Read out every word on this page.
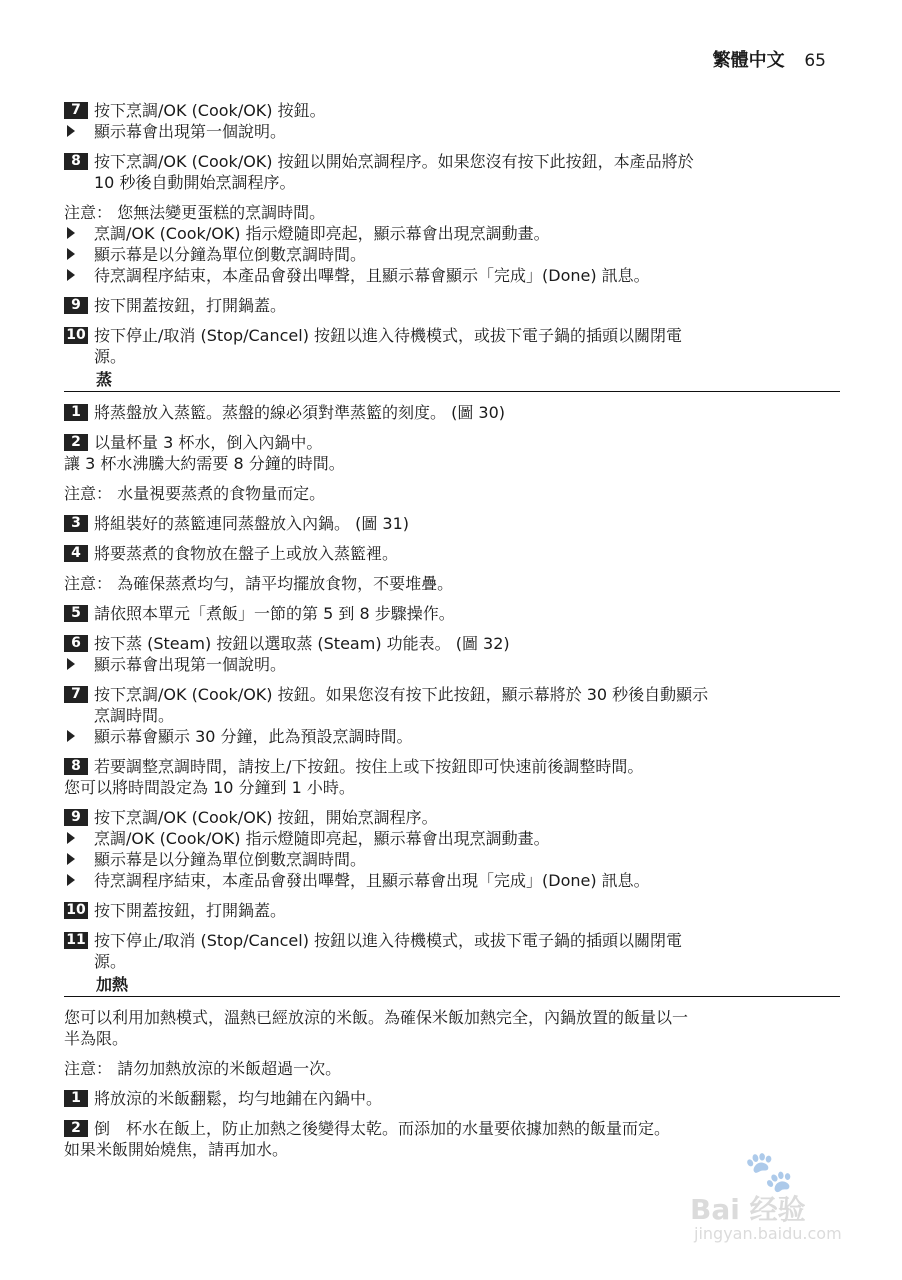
繁體中文 65
7 按下烹調/OK (Cook/OK) 按鈕。
顯示幕會出現第一個說明。
8 按下烹調/OK (Cook/OK) 按鈕以開始烹調程序。如果您沒有按下此按鈕，本產品將於
10 秒後自動開始烹調程序。
注意： 您無法變更蛋糕的烹調時間。
烹調/OK (Cook/OK) 指示燈隨即亮起，顯示幕會出現烹調動畫。
顯示幕是以分鐘為單位倒數烹調時間。
待烹調程序結束，本產品會發出嗶聲，且顯示幕會顯示「完成」(Done) 訊息。
9 按下開蓋按鈕，打開鍋蓋。
10 按下停止/取消 (Stop/Cancel) 按鈕以進入待機模式，或拔下電子鍋的插頭以關閉電
源。
蒸
1 將蒸盤放入蒸籃。蒸盤的線必須對準蒸籃的刻度。 (圖 30)
2 以量杯量 3 杯水，倒入內鍋中。
讓 3 杯水沸騰大約需要 8 分鐘的時間。
注意： 水量視要蒸煮的食物量而定。
3 將組裝好的蒸籃連同蒸盤放入內鍋。 (圖 31)
4 將要蒸煮的食物放在盤子上或放入蒸籃裡。
注意： 為確保蒸煮均勻，請平均擺放食物，不要堆疊。
5 請依照本單元「煮飯」一節的第 5 到 8 步驟操作。
6 按下蒸 (Steam) 按鈕以選取蒸 (Steam) 功能表。 (圖 32)
顯示幕會出現第一個說明。
7 按下烹調/OK (Cook/OK) 按鈕。如果您沒有按下此按鈕，顯示幕將於 30 秒後自動顯示
烹調時間。
顯示幕會顯示 30 分鐘，此為預設烹調時間。
8 若要調整烹調時間，請按上/下按鈕。按住上或下按鈕即可快速前後調整時間。
您可以將時間設定為 10 分鐘到 1 小時。
9 按下烹調/OK (Cook/OK) 按鈕，開始烹調程序。
烹調/OK (Cook/OK) 指示燈隨即亮起，顯示幕會出現烹調動畫。
顯示幕是以分鐘為單位倒數烹調時間。
待烹調程序結束，本產品會發出嗶聲，且顯示幕會出現「完成」(Done) 訊息。
10 按下開蓋按鈕，打開鍋蓋。
11 按下停止/取消 (Stop/Cancel) 按鈕以進入待機模式，或拔下電子鍋的插頭以關閉電
源。
加熱
您可以利用加熱模式，溫熱已經放涼的米飯。為確保米飯加熱完全，內鍋放置的飯量以一
半為限。
注意： 請勿加熱放涼的米飯超過一次。
1 將放涼的米飯翻鬆，均勻地鋪在內鍋中。
2 倒　杯水在飯上，防止加熱之後變得太乾。而添加的水量要依據加熱的飯量而定。
如果米飯開始燒焦，請再加水。	🐾
Bai 经验
jingyan.baidu.com
